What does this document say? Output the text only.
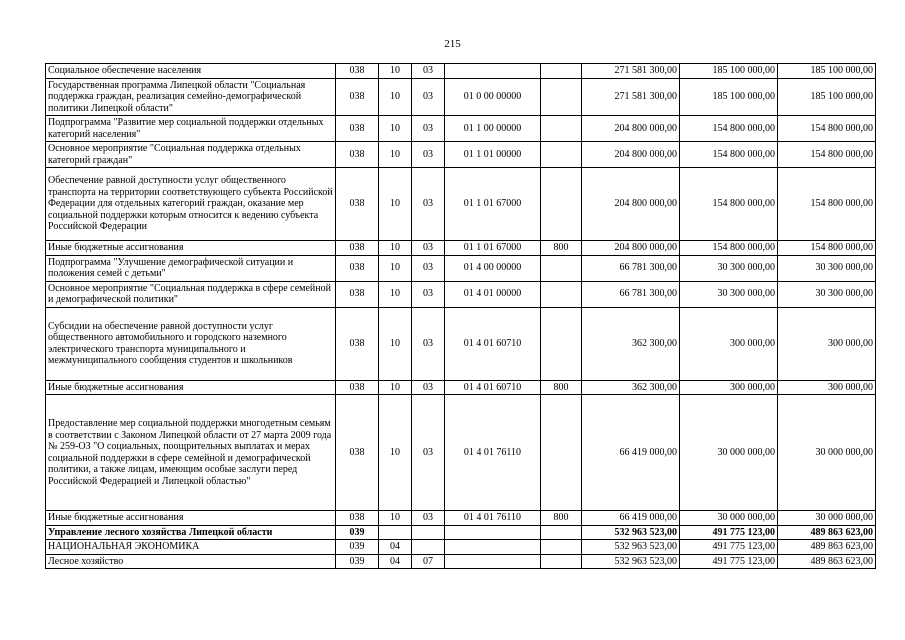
215
Социальное обеспечение населения	038	10	03			271 581 300,00	185 100 000,00	185 100 000,00
Государственная программа Липецкой области "Социальная поддержка граждан, реализация семейно-демографической политики Липецкой области"	038	10	03	01 0 00 00000		271 581 300,00	185 100 000,00	185 100 000,00
Подпрограмма "Развитие мер социальной поддержки отдельных категорий населения"	038	10	03	01 1 00 00000		204 800 000,00	154 800 000,00	154 800 000,00
Основное мероприятие "Социальная поддержка отдельных категорий граждан"	038	10	03	01 1 01 00000		204 800 000,00	154 800 000,00	154 800 000,00
Обеспечение равной доступности услуг общественного транспорта на территории соответствующего субъекта Российской Федерации для отдельных категорий граждан, оказание мер социальной поддержки которым относится к ведению субъекта Российской Федерации	038	10	03	01 1 01 67000		204 800 000,00	154 800 000,00	154 800 000,00
Иные бюджетные ассигнования	038	10	03	01 1 01 67000	800	204 800 000,00	154 800 000,00	154 800 000,00
Подпрограмма "Улучшение демографической ситуации и положения семей с детьми"	038	10	03	01 4 00 00000		66 781 300,00	30 300 000,00	30 300 000,00
Основное мероприятие "Социальная поддержка в сфере семейной и демографической политики"	038	10	03	01 4 01 00000		66 781 300,00	30 300 000,00	30 300 000,00
Субсидии на обеспечение равной доступности услуг общественного автомобильного и городского наземного электрического транспорта муниципального и межмуниципального сообщения студентов и школьников	038	10	03	01 4 01 60710		362 300,00	300 000,00	300 000,00
Иные бюджетные ассигнования	038	10	03	01 4 01 60710	800	362 300,00	300 000,00	300 000,00
Предоставление мер социальной поддержки многодетным семьям в соответствии с Законом Липецкой области от 27 марта 2009 года № 259-ОЗ "О социальных, поощрительных выплатах и мерах социальной поддержки в сфере семейной и демографической политики, а также лицам, имеющим особые заслуги перед Российской Федерацией и Липецкой областью"	038	10	03	01 4 01 76110		66 419 000,00	30 000 000,00	30 000 000,00
Иные бюджетные ассигнования	038	10	03	01 4 01 76110	800	66 419 000,00	30 000 000,00	30 000 000,00
Управление лесного хозяйства Липецкой области	039					532 963 523,00	491 775 123,00	489 863 623,00
НАЦИОНАЛЬНАЯ ЭКОНОМИКА	039	04				532 963 523,00	491 775 123,00	489 863 623,00
Лесное хозяйство	039	04	07			532 963 523,00	491 775 123,00	489 863 623,00
